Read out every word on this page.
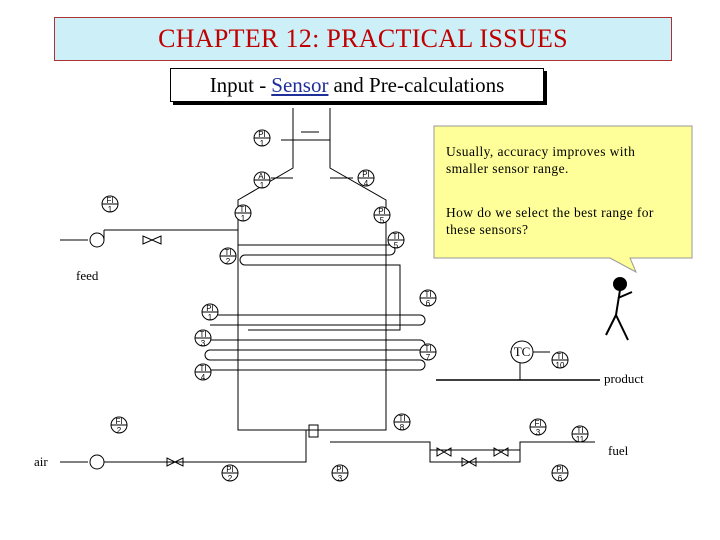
CHAPTER 12: PRACTICAL ISSUES
Input - Sensor and Pre-calculations
PI
1
AI
1
PI
4
FI
1	TI
1
PI
5
TI
5
TI
2
TI
6
PI
1
TI
3
TI
7
TI
4
TI
10
FI
2
TI
8	FI
3	TI
11
PI
2
PI
3
PI
6
TC
Usually, accuracy improves with smaller sensor range.
How do we select the best range for these sensors?
feed
air
product
fuel
